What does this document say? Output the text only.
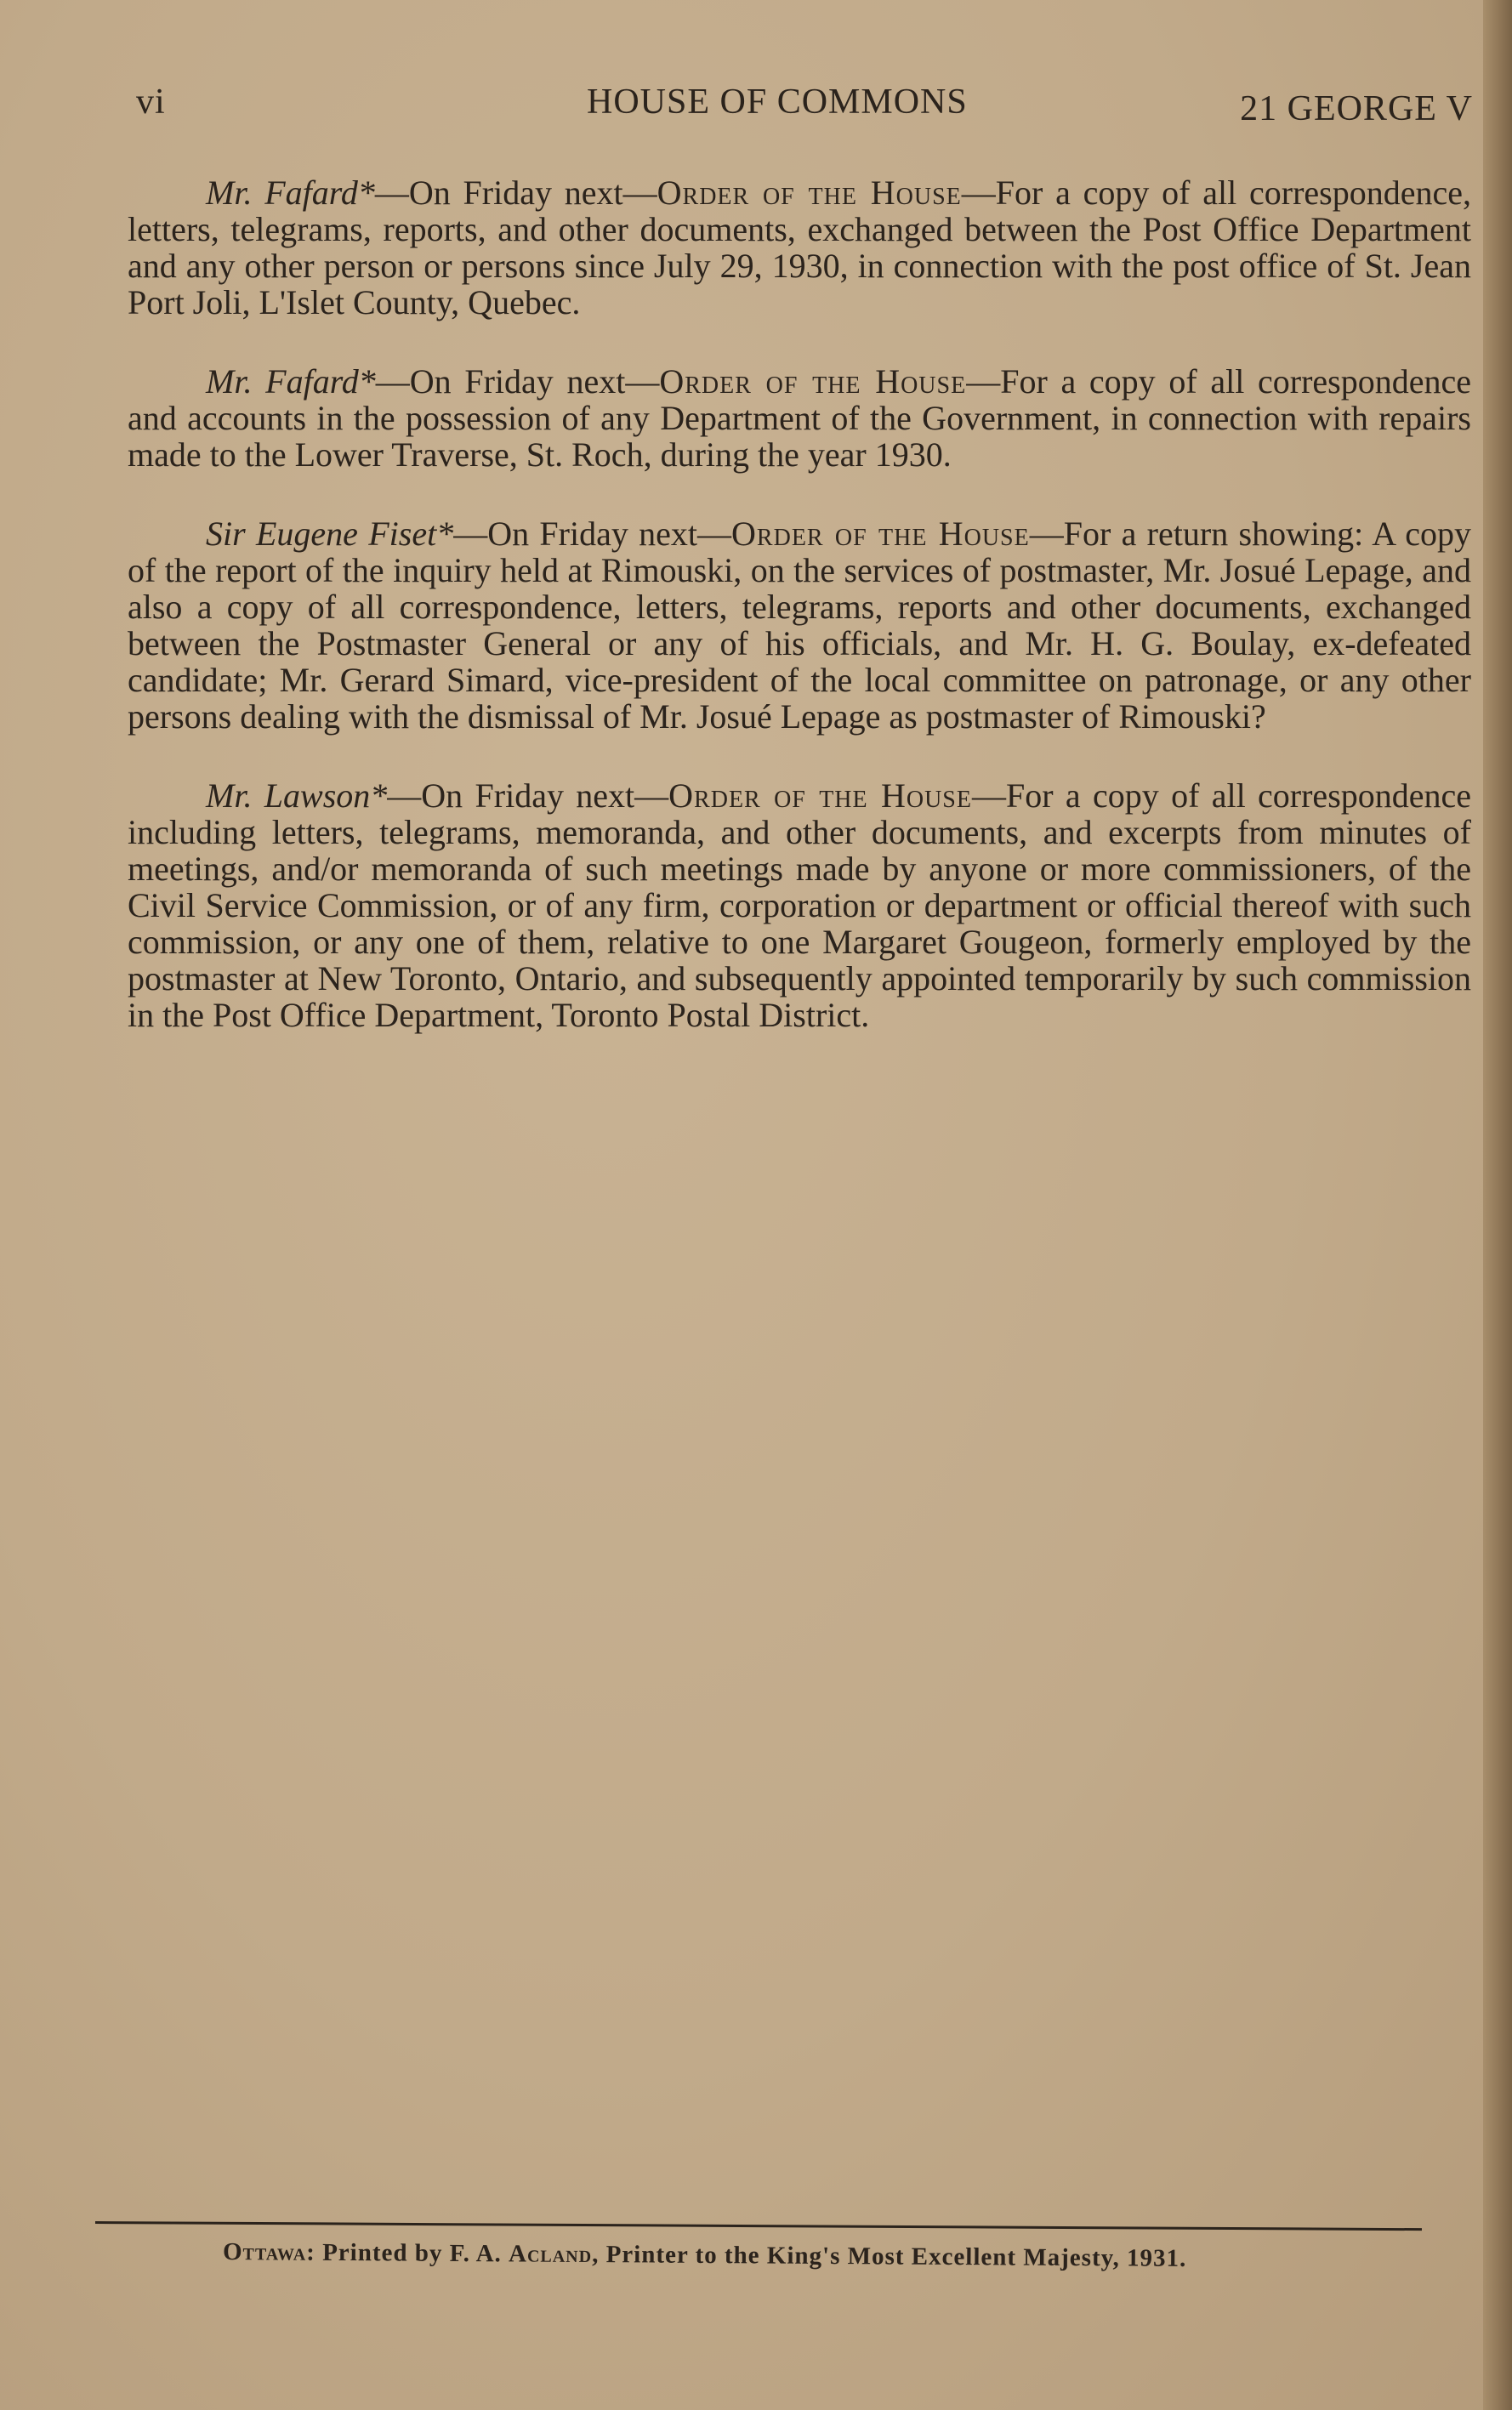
vi	HOUSE OF COMMONS	21 GEORGE V

Mr. Fafard*—On Friday next—Order of the House—For a copy of all correspondence, letters, telegrams, reports, and other documents, exchanged between the Post Office Department and any other person or persons since July 29, 1930, in connection with the post office of St. Jean Port Joli, L'Islet County, Quebec.

Mr. Fafard*—On Friday next—Order of the House—For a copy of all correspondence and accounts in the possession of any Department of the Government, in connection with repairs made to the Lower Traverse, St. Roch, during the year 1930.

Sir Eugene Fiset*—On Friday next—Order of the House—For a return showing: A copy of the report of the inquiry held at Rimouski, on the services of postmaster, Mr. Josué Lepage, and also a copy of all correspondence, letters, telegrams, reports and other documents, exchanged between the Postmaster General or any of his officials, and Mr. H. G. Boulay, ex-defeated candidate; Mr. Gerard Simard, vice-president of the local committee on patronage, or any other persons dealing with the dismissal of Mr. Josué Lepage as postmaster of Rimouski?

Mr. Lawson*—On Friday next—Order of the House—For a copy of all correspondence including letters, telegrams, memoranda, and other documents, and excerpts from minutes of meetings, and/or memoranda of such meetings made by anyone or more commissioners, of the Civil Service Commission, or of any firm, corporation or department or official thereof with such commission, or any one of them, relative to one Margaret Gougeon, formerly employed by the postmaster at New Toronto, Ontario, and subsequently appointed temporarily by such commission in the Post Office Department, Toronto Postal District.

Ottawa: Printed by F. A. Acland, Printer to the King's Most Excellent Majesty, 1931.
